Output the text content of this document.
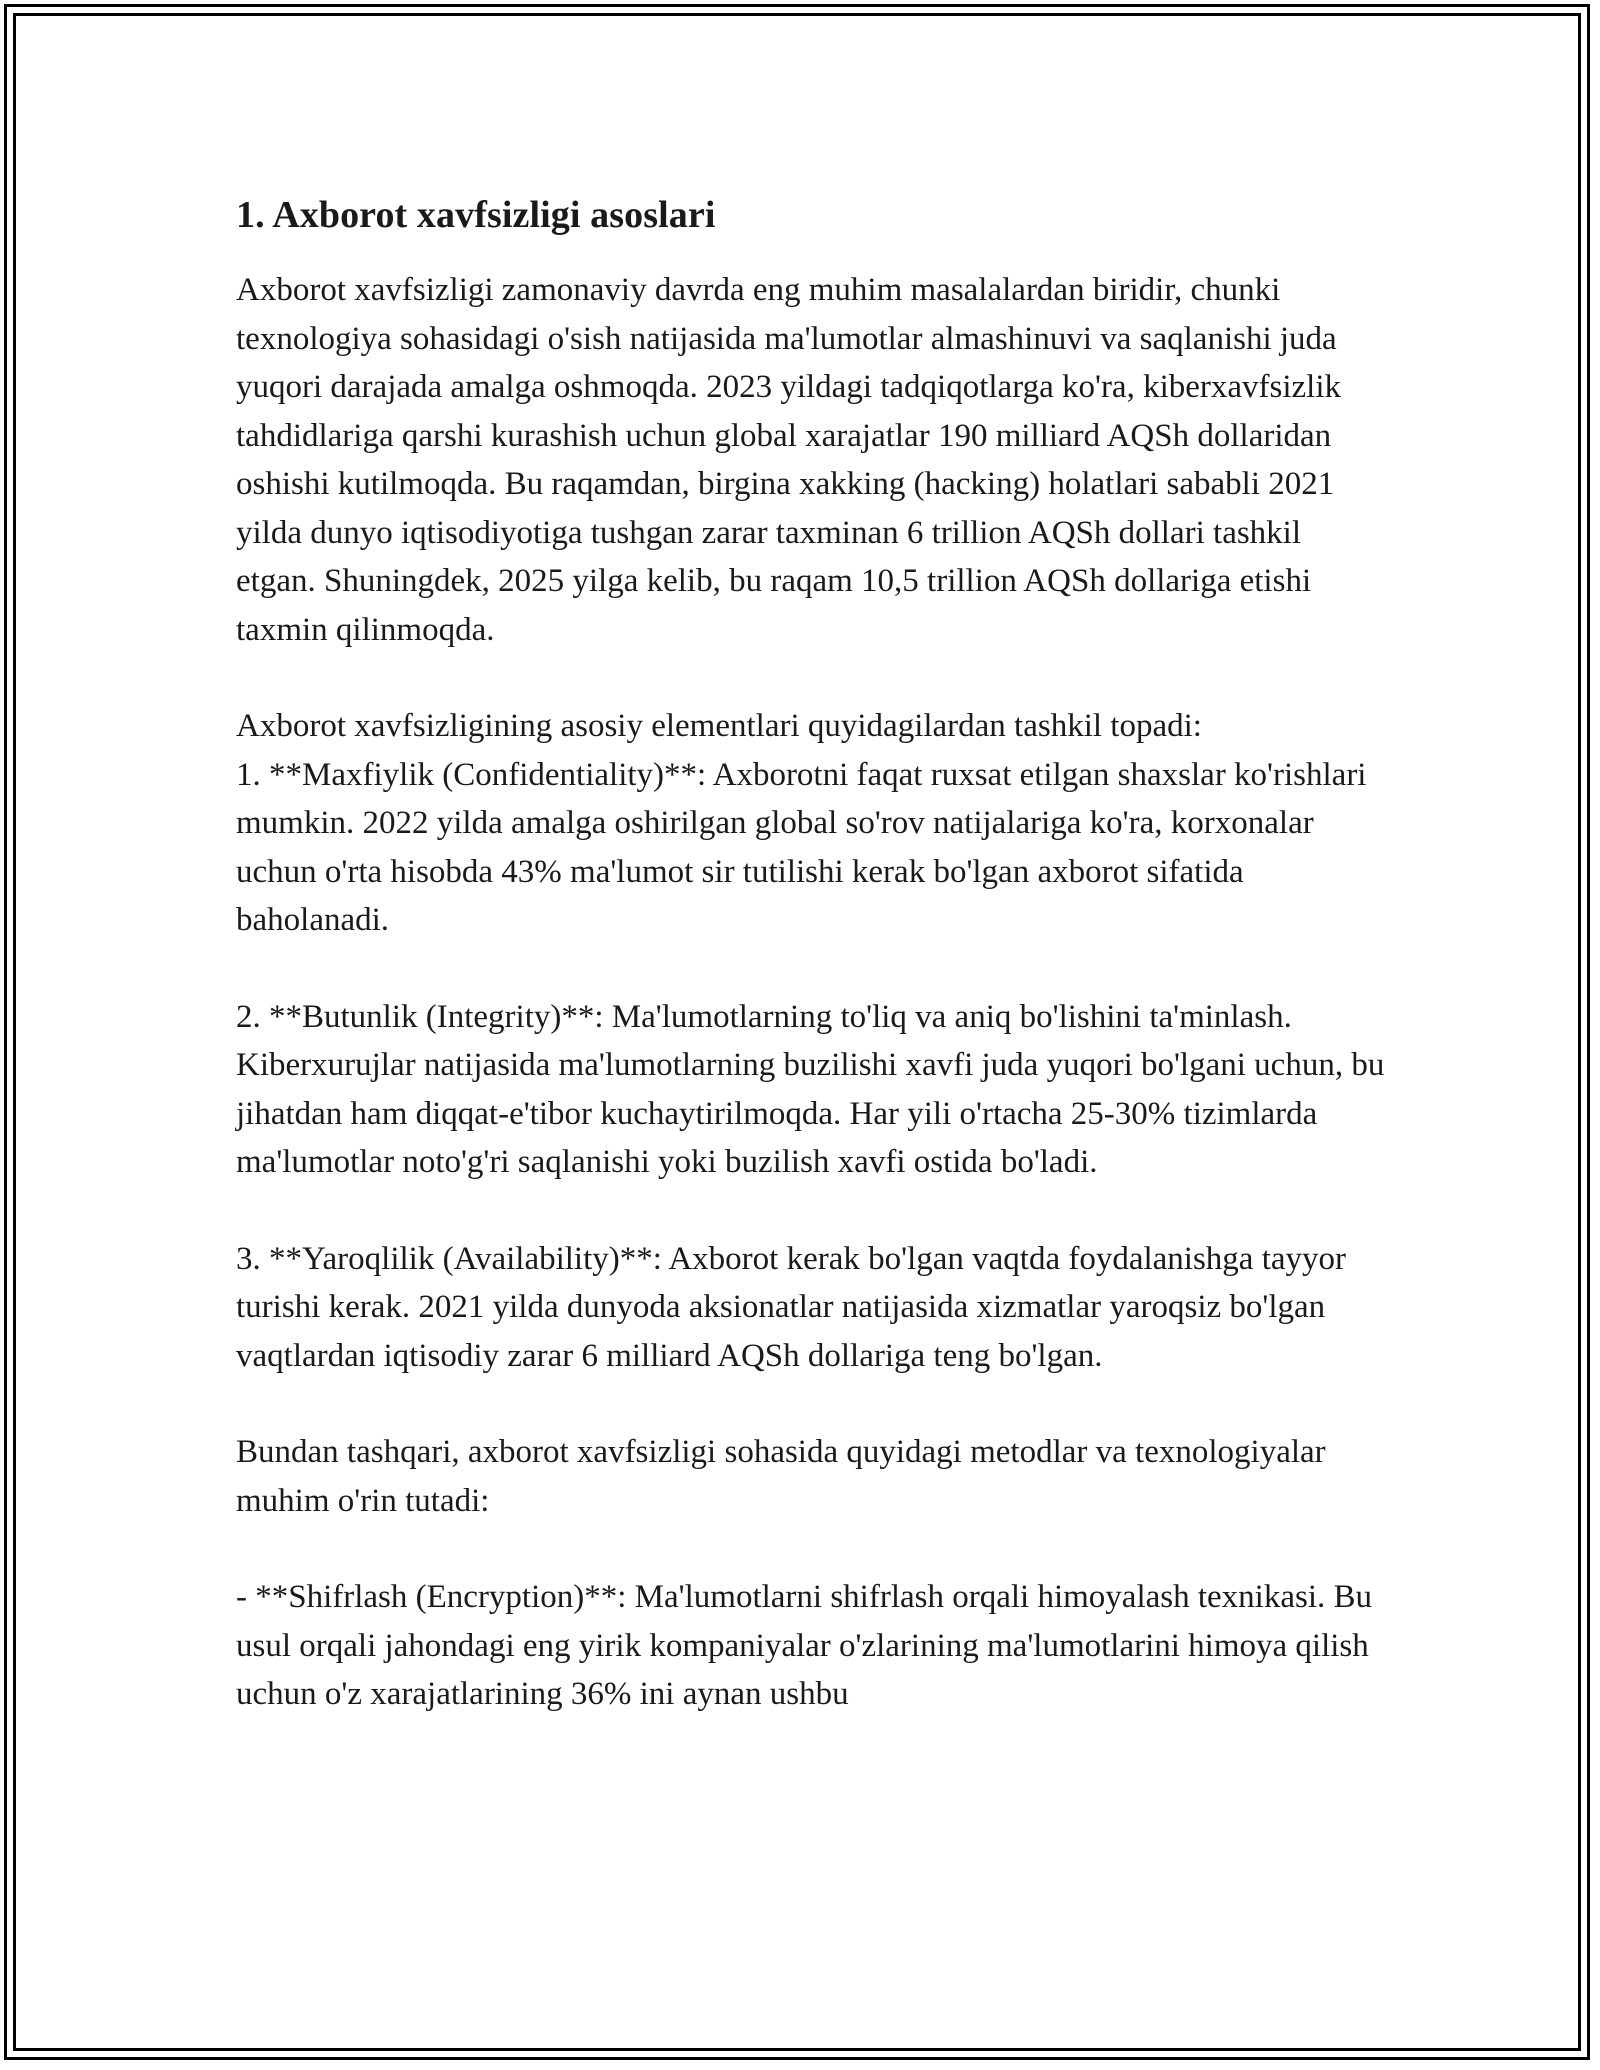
1. Axborot xavfsizligi asoslari

Axborot xavfsizligi zamonaviy davrda eng muhim masalalardan biridir, chunki texnologiya sohasidagi o'sish natijasida ma'lumotlar almashinuvi va saqlanishi juda yuqori darajada amalga oshmoqda. 2023 yildagi tadqiqotlarga ko'ra, kiberxavfsizlik tahdidlariga qarshi kurashish uchun global xarajatlar 190 milliard AQSh dollaridan oshishi kutilmoqda. Bu raqamdan, birgina xakking (hacking) holatlari sababli 2021 yilda dunyo iqtisodiyotiga tushgan zarar taxminan 6 trillion AQSh dollari tashkil etgan. Shuningdek, 2025 yilga kelib, bu raqam 10,5 trillion AQSh dollariga etishi taxmin qilinmoqda.

Axborot xavfsizligining asosiy elementlari quyidagilardan tashkil topadi:

1. **Maxfiylik (Confidentiality)**: Axborotni faqat ruxsat etilgan shaxslar ko'rishlari mumkin. 2022 yilda amalga oshirilgan global so'rov natijalariga ko'ra, korxonalar uchun o'rta hisobda 43% ma'lumot sir tutilishi kerak bo'lgan axborot sifatida baholanadi.

2. **Butunlik (Integrity)**: Ma'lumotlarning to'liq va aniq bo'lishini ta'minlash. Kiberxurujlar natijasida ma'lumotlarning buzilishi xavfi juda yuqori bo'lgani uchun, bu jihatdan ham diqqat-e'tibor kuchaytirilmoqda. Har yili o'rtacha 25-30% tizimlarda ma'lumotlar noto'g'ri saqlanishi yoki buzilish xavfi ostida bo'ladi.

3. **Yaroqlilik (Availability)**: Axborot kerak bo'lgan vaqtda foydalanishga tayyor turishi kerak. 2021 yilda dunyoda aksionatlar natijasida xizmatlar yaroqsiz bo'lgan vaqtlardan iqtisodiy zarar 6 milliard AQSh dollariga teng bo'lgan.

Bundan tashqari, axborot xavfsizligi sohasida quyidagi metodlar va texnologiyalar muhim o'rin tutadi:

- **Shifrlash (Encryption)**: Ma'lumotlarni shifrlash orqali himoyalash texnikasi. Bu usul orqali jahondagi eng yirik kompaniyalar o'zlarining ma'lumotlarini himoya qilish uchun o'z xarajatlarining 36% ini aynan ushbu
